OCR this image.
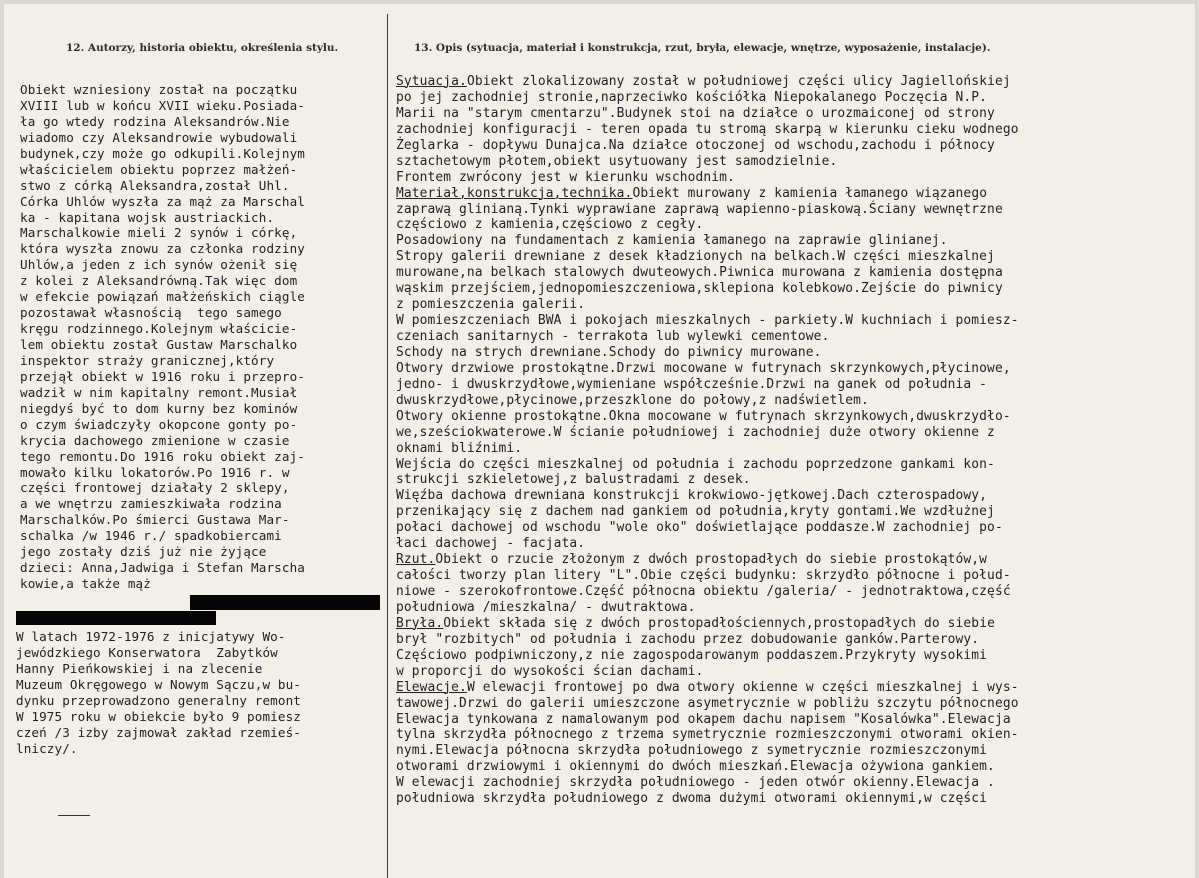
12. Autorzy, historia obiektu, określenia stylu.	13. Opis (sytuacja, materiał i konstrukcja, rzut, bryła, elewacje, wnętrze, wyposażenie, instalacje).
Obiekt wzniesiony został na początku
XVIII lub w końcu XVII wieku.Posiada-
ła go wtedy rodzina Aleksandrów.Nie
wiadomo czy Aleksandrowie wybudowali
budynek,czy może go odkupili.Kolejnym
właścicielem obiektu poprzez małżeń-
stwo z córką Aleksandra,został Uhl.
Córka Uhlów wyszła za mąż za Marschal
ka - kapitana wojsk austriackich.
Marschalkowie mieli 2 synów i córkę,
która wyszła znowu za członka rodziny
Uhlów,a jeden z ich synów ożenił się
z kolei z Aleksandrówną.Tak więc dom
w efekcie powiązań małżeńskich ciągle
pozostawał własnością  tego samego
kręgu rodzinnego.Kolejnym właścicie-
lem obiektu został Gustaw Marschalko
inspektor straży granicznej,który
przejął obiekt w 1916 roku i przepro-
wadził w nim kapitalny remont.Musiał
niegdyś być to dom kurny bez kominów
o czym świadczyły okopcone gonty po-
krycia dachowego zmienione w czasie
tego remontu.Do 1916 roku obiekt zaj-
mowało kilku lokatorów.Po 1916 r. w
części frontowej działały 2 sklepy,
a we wnętrzu zamieszkiwała rodzina
Marschalków.Po śmierci Gustawa Mar-
schalka /w 1946 r./ spadkobiercami
jego zostały dziś już nie żyjące
dzieci: Anna,Jadwiga i Stefan Marscha
kowie,a także mąż
W latach 1972-1976 z inicjatywy Wo-
jewódzkiego Konserwatora  Zabytków
Hanny Pieńkowskiej i na zlecenie
Muzeum Okręgowego w Nowym Sączu,w bu-
dynku przeprowadzono generalny remont
W 1975 roku w obiekcie było 9 pomiesz
czeń /3 izby zajmował zakład rzemieś-
lniczy/.
Sytuacja.Obiekt zlokalizowany został w południowej części ulicy Jagiellońskiej
po jej zachodniej stronie,naprzeciwko kościółka Niepokalanego Poczęcia N.P.
Marii na "starym cmentarzu".Budynek stoi na działce o urozmaiconej od strony
zachodniej konfiguracji - teren opada tu stromą skarpą w kierunku cieku wodnego
Żeglarka - dopływu Dunajca.Na działce otoczonej od wschodu,zachodu i północy
sztachetowym płotem,obiekt usytuowany jest samodzielnie.
Frontem zwrócony jest w kierunku wschodnim.
Materiał,konstrukcja,technika.Obiekt murowany z kamienia łamanego wiązanego
zaprawą glinianą.Tynki wyprawiane zaprawą wapienno-piaskową.Ściany wewnętrzne
częściowo z kamienia,częściowo z cegły.
Posadowiony na fundamentach z kamienia łamanego na zaprawie glinianej.
Stropy galerii drewniane z desek kładzionych na belkach.W części mieszkalnej
murowane,na belkach stalowych dwuteowych.Piwnica murowana z kamienia dostępna
wąskim przejściem,jednopomieszczeniowa,sklepiona kolebkowo.Zejście do piwnicy
z pomieszczenia galerii.
W pomieszczeniach BWA i pokojach mieszkalnych - parkiety.W kuchniach i pomiesz-
czeniach sanitarnych - terrakota lub wylewki cementowe.
Schody na strych drewniane.Schody do piwnicy murowane.
Otwory drzwiowe prostokątne.Drzwi mocowane w futrynach skrzynkowych,płycinowe,
jedno- i dwuskrzydłowe,wymieniane współcześnie.Drzwi na ganek od południa -
dwuskrzydłowe,płycinowe,przeszklone do połowy,z nadświetlem.
Otwory okienne prostokątne.Okna mocowane w futrynach skrzynkowych,dwuskrzydło-
we,sześciokwaterowe.W ścianie południowej i zachodniej duże otwory okienne z
oknami bliźnimi.
Wejścia do części mieszkalnej od południa i zachodu poprzedzone gankami kon-
strukcji szkieletowej,z balustradami z desek.
Więźba dachowa drewniana konstrukcji krokwiowo-jętkowej.Dach czterospadowy,
przenikający się z dachem nad gankiem od południa,kryty gontami.We wzdłużnej
połaci dachowej od wschodu "wole oko" doświetlające poddasze.W zachodniej po-
łaci dachowej - facjata.
Rzut.Obiekt o rzucie złożonym z dwóch prostopadłych do siebie prostokątów,w
całości tworzy plan litery "L".Obie części budynku: skrzydło północne i połud-
niowe - szerokofrontowe.Część północna obiektu /galeria/ - jednotraktowa,część
południowa /mieszkalna/ - dwutraktowa.
Bryła.Obiekt składa się z dwóch prostopadłościennych,prostopadłych do siebie
brył "rozbitych" od południa i zachodu przez dobudowanie ganków.Parterowy.
Częściowo podpiwniczony,z nie zagospodarowanym poddaszem.Przykryty wysokimi
w proporcji do wysokości ścian dachami.
Elewacje.W elewacji frontowej po dwa otwory okienne w części mieszkalnej i wys-
tawowej.Drzwi do galerii umieszczone asymetrycznie w pobliżu szczytu północnego
Elewacja tynkowana z namalowanym pod okapem dachu napisem "Kosalówka".Elewacja
tylna skrzydła północnego z trzema symetrycznie rozmieszczonymi otworami okien-
nymi.Elewacja północna skrzydła południowego z symetrycznie rozmieszczonymi
otworami drzwiowymi i okiennymi do dwóch mieszkań.Elewacja ożywiona gankiem.
W elewacji zachodniej skrzydła południowego - jeden otwór okienny.Elewacja .
południowa skrzydła południowego z dwoma dużymi otworami okiennymi,w części
